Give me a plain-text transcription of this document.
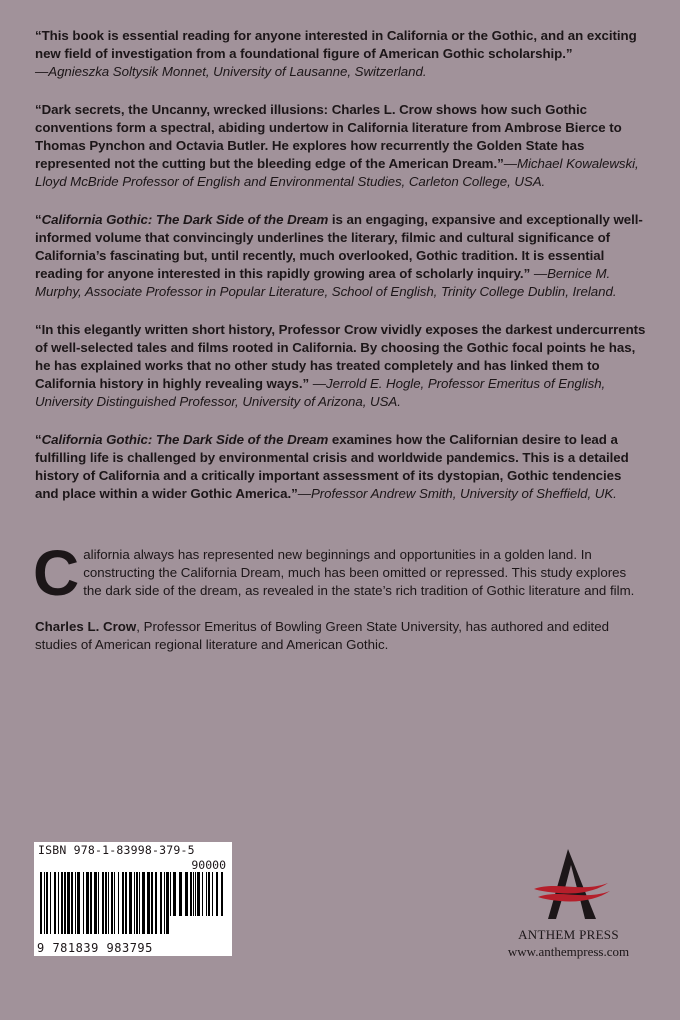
“This book is essential reading for anyone interested in California or the Gothic, and an exciting new field of investigation from a foundational figure of American Gothic scholarship.”
—Agnieszka Soltysik Monnet, University of Lausanne, Switzerland.

“Dark secrets, the Uncanny, wrecked illusions: Charles L. Crow shows how such Gothic conventions form a spectral, abiding undertow in California literature from Ambrose Bierce to Thomas Pynchon and Octavia Butler. He explores how recurrently the Golden State has represented not the cutting but the bleeding edge of the American Dream.”—Michael Kowalewski, Lloyd McBride Professor of English and Environmental Studies, Carleton College, USA.

“California Gothic: The Dark Side of the Dream is an engaging, expansive and exceptionally well-informed volume that convincingly underlines the literary, filmic and cultural significance of California’s fascinating but, until recently, much overlooked, Gothic tradition. It is essential reading for anyone interested in this rapidly growing area of scholarly inquiry.” —Bernice M. Murphy, Associate Professor in Popular Literature, School of English, Trinity College Dublin, Ireland.

“In this elegantly written short history, Professor Crow vividly exposes the darkest undercurrents of well-selected tales and films rooted in California. By choosing the Gothic focal points he has, he has explained works that no other study has treated completely and has linked them to California history in highly revealing ways.” —Jerrold E. Hogle, Professor Emeritus of English, University Distinguished Professor, University of Arizona, USA.

“California Gothic: The Dark Side of the Dream examines how the Californian desire to lead a fulfilling life is challenged by environmental crisis and worldwide pandemics. This is a detailed history of California and a critically important assessment of its dystopian, Gothic tendencies and place within a wider Gothic America.”—Professor Andrew Smith, University of Sheffield, UK.

C alifornia always has represented new beginnings and opportunities in a golden land. In constructing the California Dream, much has been omitted or repressed. This study explores the dark side of the dream, as revealed in the state’s rich tradition of Gothic literature and film.
Charles L. Crow, Professor Emeritus of Bowling Green State University, has authored and edited studies of American regional literature and American Gothic.
ISBN 978-1-83998-379-5
90000
9 781839 983795
ANTHEM PRESS
www.anthempress.com
